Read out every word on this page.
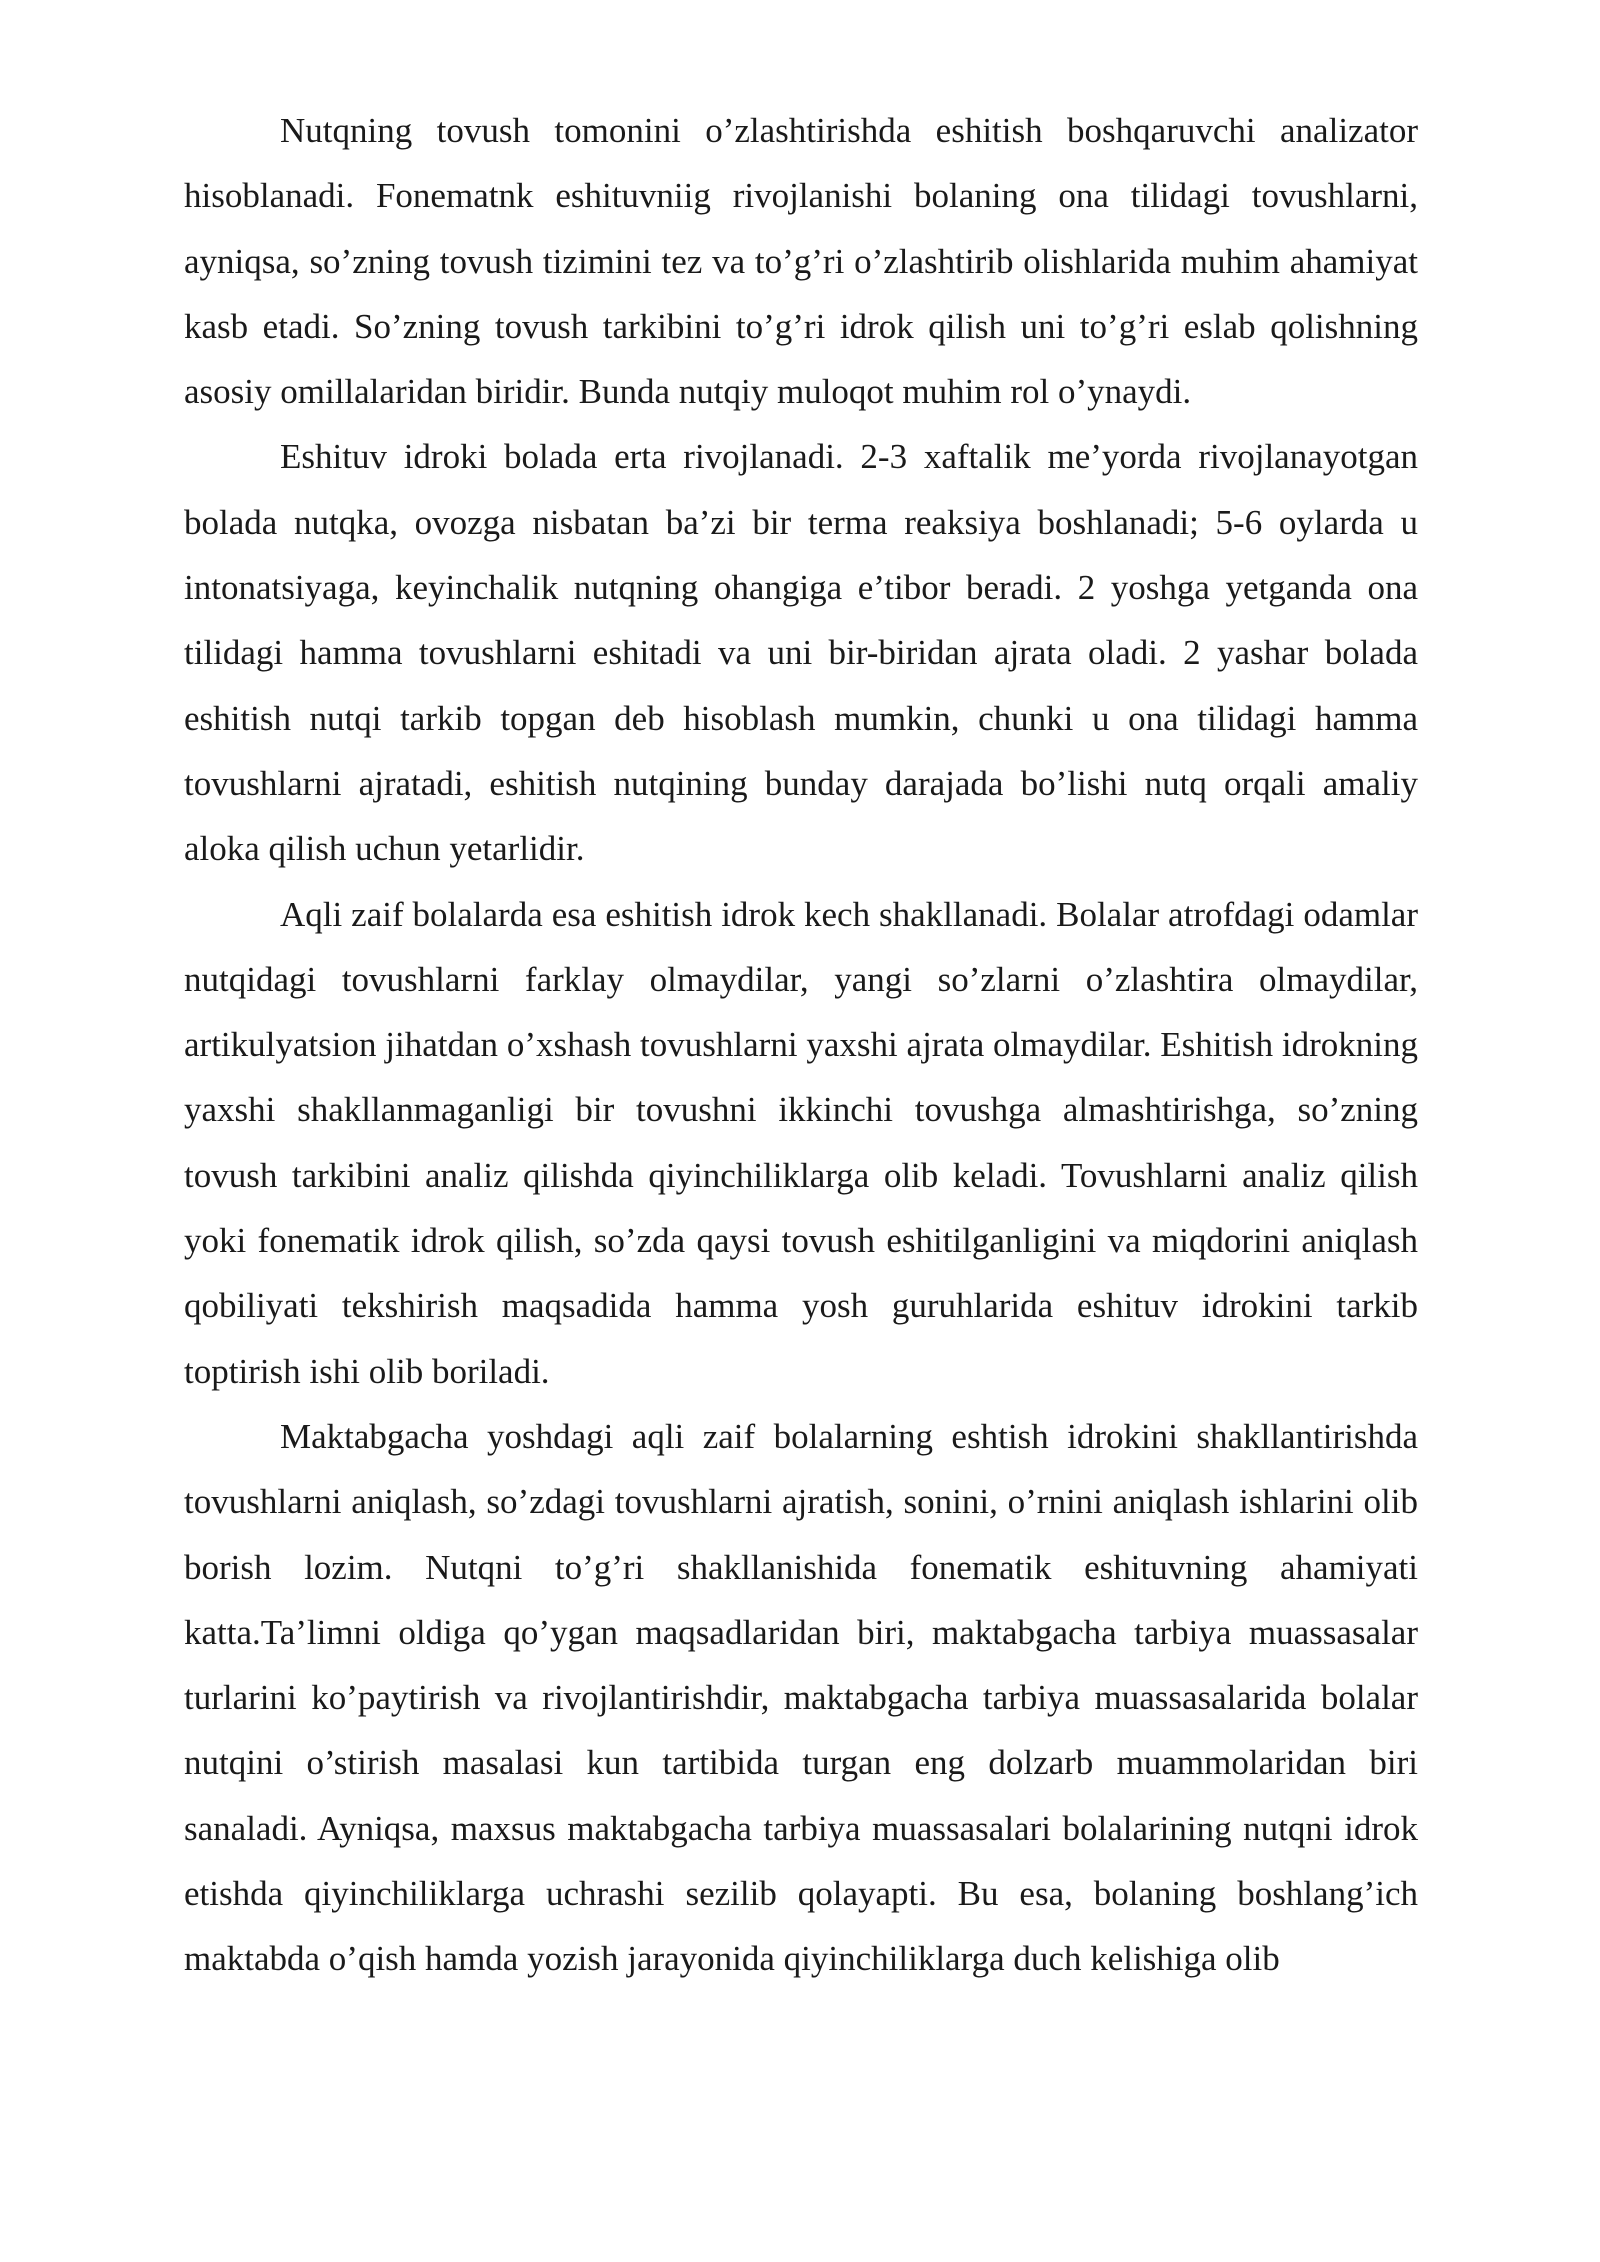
Nutqning tovush tomonini o’zlashtirishda eshitish boshqaruvchi analizator hisoblanadi. Fonematnk eshituvniig rivojlanishi bolaning ona tilidagi tovushlarni, ayniqsa, so’zning tovush tizimini tez va to’g’ri o’zlashtirib olishlarida muhim ahamiyat kasb etadi. So’zning tovush tarkibini to’g’ri idrok qilish uni to’g’ri eslab qolishning asosiy omillalaridan biridir. Bunda nutqiy muloqot muhim rol o’ynaydi.

Eshituv idroki bolada erta rivojlanadi. 2-3 xaftalik me’yorda rivojlanayotgan bolada nutqka, ovozga nisbatan ba’zi bir terma reaksiya boshlanadi; 5-6 oylarda u intonatsiyaga, keyinchalik nutqning ohangiga e’tibor beradi. 2 yoshga yetganda ona tilidagi hamma tovushlarni eshitadi va uni bir-biridan ajrata oladi. 2 yashar bolada eshitish nutqi tarkib topgan deb hisoblash mumkin, chunki u ona tilidagi hamma tovushlarni ajratadi, eshitish nutqining bunday darajada bo’lishi nutq orqali amaliy aloka qilish uchun yetarlidir.

Aqli zaif bolalarda esa eshitish idrok kech shakllanadi. Bolalar atrofdagi odamlar nutqidagi tovushlarni farklay olmaydilar, yangi so’zlarni o’zlashtira olmaydilar, artikulyatsion jihatdan o’xshash tovushlarni yaxshi ajrata olmaydilar. Eshitish idrokning yaxshi shakllanmaganligi bir tovushni ikkinchi tovushga almashtirishga, so’zning tovush tarkibini analiz qilishda qiyinchiliklarga olib keladi. Tovushlarni analiz qilish yoki fonematik idrok qilish, so’zda qaysi tovush eshitilganligini va miqdorini aniqlash qobiliyati tekshirish maqsadida hamma yosh guruhlarida eshituv idrokini tarkib toptirish ishi olib boriladi.

Maktabgacha yoshdagi aqli zaif bolalarning eshtish idrokini shakllantirishda tovushlarni aniqlash, so’zdagi tovushlarni ajratish, sonini, o’rnini aniqlash ishlarini olib borish lozim. Nutqni to’g’ri shakllanishida fonematik eshituvning ahamiyati katta.Ta’limni oldiga qo’ygan maqsadlaridan biri, maktabgacha tarbiya muassasalar turlarini ko’paytirish va rivojlantirishdir, maktabgacha tarbiya muassasalarida bolalar nutqini o’stirish masalasi kun tartibida turgan eng dolzarb muammolaridan biri sanaladi. Ayniqsa, maxsus maktabgacha tarbiya muassasalari bolalarining nutqni idrok etishda qiyinchiliklarga uchrashi sezilib qolayapti. Bu esa, bolaning boshlang’ich maktabda o’qish hamda yozish jarayonida qiyinchiliklarga duch kelishiga olib
